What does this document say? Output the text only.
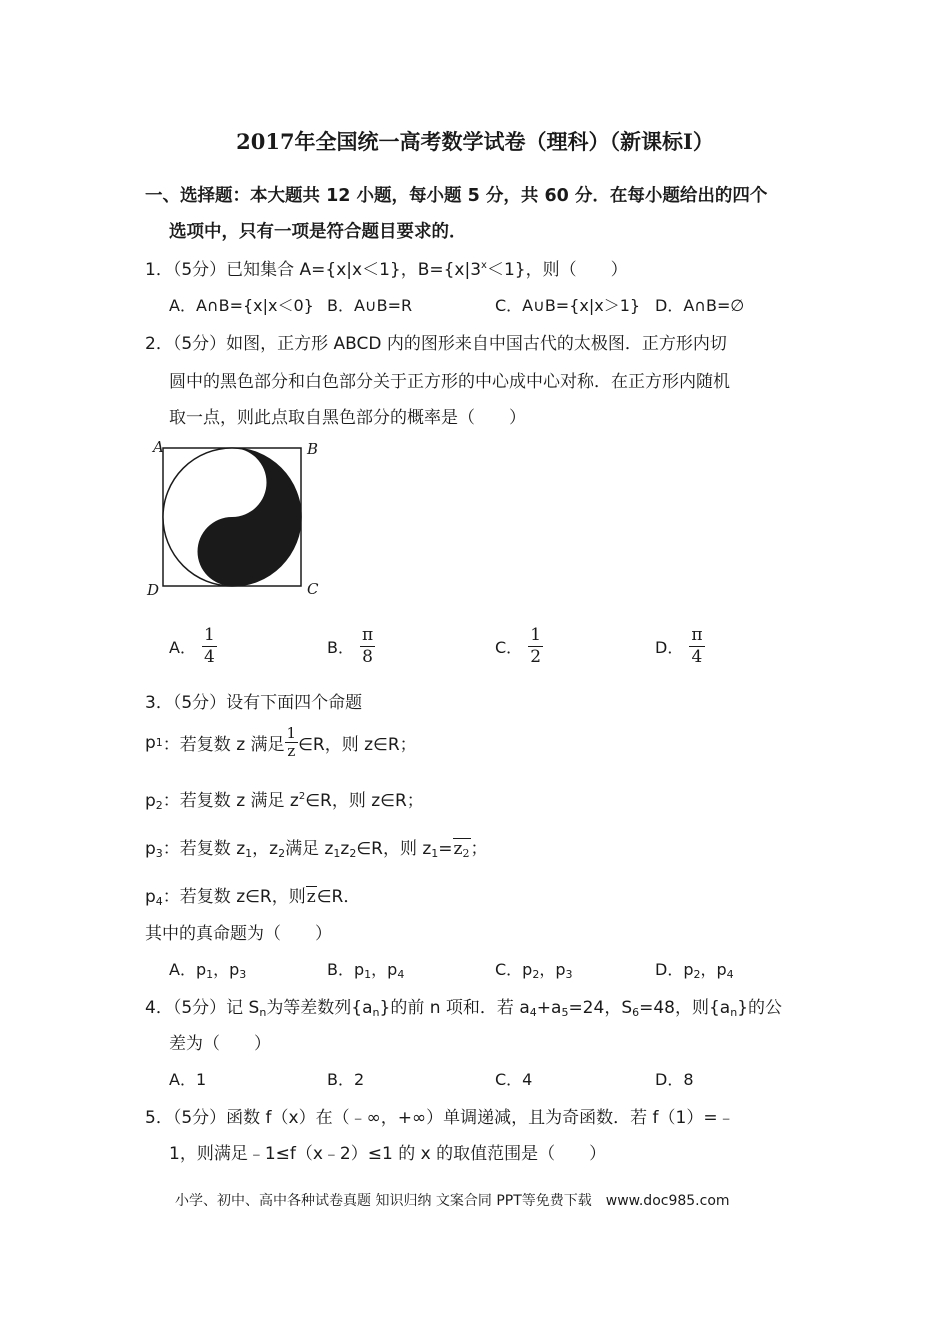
2017年全国统一高考数学试卷（理科）（新课标I）
一、选择题：本大题共 12 小题，每小题 5 分，共 60 分．在每小题给出的四个
选项中，只有一项是符合题目要求的．
1．（5分）已知集合 A={x|x＜1}，$B=\{x|3^x<1\}$，则（　　）
A．A∩B={x|x＜0} B．A∪B=R	C．A∪B={x|x＞1} D．A∩B=∅
2．（5分）如图，正方形 ABCD 内的图形来自中国古代的太极图．正方形内切
圆中的黑色部分和白色部分关于正方形的中心成中心对称．在正方形内随机
取一点，则此点取自黑色部分的概率是（　　）
A	B
C
D
A． $\frac{1}{4}$	B． $\frac{\pi}{8}$	C． $\frac{1}{2}$	D． $\frac{\pi}{4}$
3．（5分）设有下面四个命题
p 1 ：若复数 z 满足 $\frac{1}{z}$ ∈R，则 z∈R；
p2：若复数 z 满足 $z^2\in R$，则 z∈R；
p3：若复数 z1，z2满足 z1z2∈R，则 z1=z2；
p4：若复数 z∈R，则z∈R．
其中的真命题为（　　）
A．p1，p3	B．p1，p4	C．p2，p3	D．p2，p4
4．（5分）记 Sn为等差数列{an}的前 n 项和．若 a4+a5=24，S6=48，则{an}的公
差为（　　）
A．1	B．2	C．4	D．8
5．（5分）函数 f（x）在（﹣∞，+∞）单调递减，且为奇函数．若 f（1）=﹣
1，则满足﹣1≤f（x﹣2）≤1 的 x 的取值范围是（　　）
小学、初中、高中各种试卷真题 知识归纳 文案合同 PPT等免费下载　www.doc985.com
